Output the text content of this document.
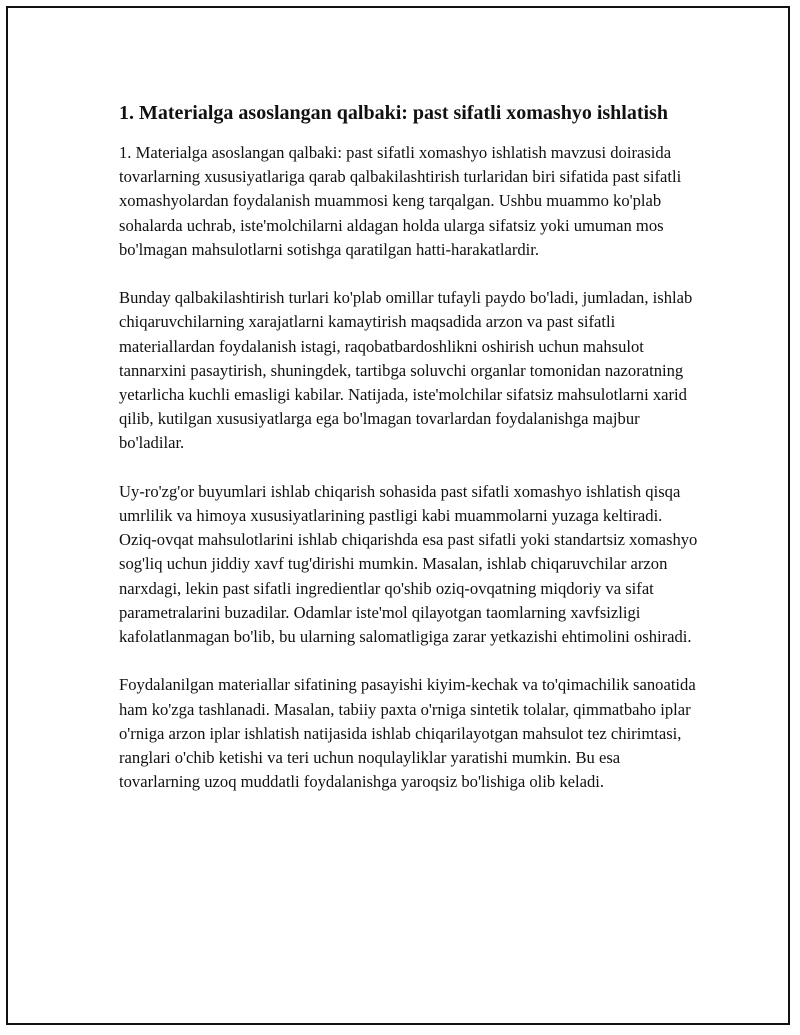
1. Materialga asoslangan qalbaki: past sifatli xomashyo ishlatish

1. Materialga asoslangan qalbaki: past sifatli xomashyo ishlatish mavzusi doirasida tovarlarning xususiyatlariga qarab qalbakilashtirish turlaridan biri sifatida past sifatli xomashyolardan foydalanish muammosi keng tarqalgan. Ushbu muammo ko'plab sohalarda uchrab, iste'molchilarni aldagan holda ularga sifatsiz yoki umuman mos bo'lmagan mahsulotlarni sotishga qaratilgan hatti-harakatlardir.

Bunday qalbakilashtirish turlari ko'plab omillar tufayli paydo bo'ladi, jumladan, ishlab chiqaruvchilarning xarajatlarni kamaytirish maqsadida arzon va past sifatli materiallardan foydalanish istagi, raqobatbardoshlikni oshirish uchun mahsulot tannarxini pasaytirish, shuningdek, tartibga soluvchi organlar tomonidan nazoratning yetarlicha kuchli emasligi kabilar. Natijada, iste'molchilar sifatsiz mahsulotlarni xarid qilib, kutilgan xususiyatlarga ega bo'lmagan tovarlardan foydalanishga majbur bo'ladilar.

Uy-ro'zg'or buyumlari ishlab chiqarish sohasida past sifatli xomashyo ishlatish qisqa umrlilik va himoya xususiyatlarining pastligi kabi muammolarni yuzaga keltiradi. Oziq-ovqat mahsulotlarini ishlab chiqarishda esa past sifatli yoki standartsiz xomashyo sog'liq uchun jiddiy xavf tug'dirishi mumkin. Masalan, ishlab chiqaruvchilar arzon narxdagi, lekin past sifatli ingredientlar qo'shib oziq-ovqatning miqdoriy va sifat parametralarini buzadilar. Odamlar iste'mol qilayotgan taomlarning xavfsizligi kafolatlanmagan bo'lib, bu ularning salomatligiga zarar yetkazishi ehtimolini oshiradi.

Foydalanilgan materiallar sifatining pasayishi kiyim-kechak va to'qimachilik sanoatida ham ko'zga tashlanadi. Masalan, tabiiy paxta o'rniga sintetik tolalar, qimmatbaho iplar o'rniga arzon iplar ishlatish natijasida ishlab chiqarilayotgan mahsulot tez chirimtasi, ranglari o'chib ketishi va teri uchun noqulayliklar yaratishi mumkin. Bu esa tovarlarning uzoq muddatli foydalanishga yaroqsiz bo'lishiga olib keladi.
